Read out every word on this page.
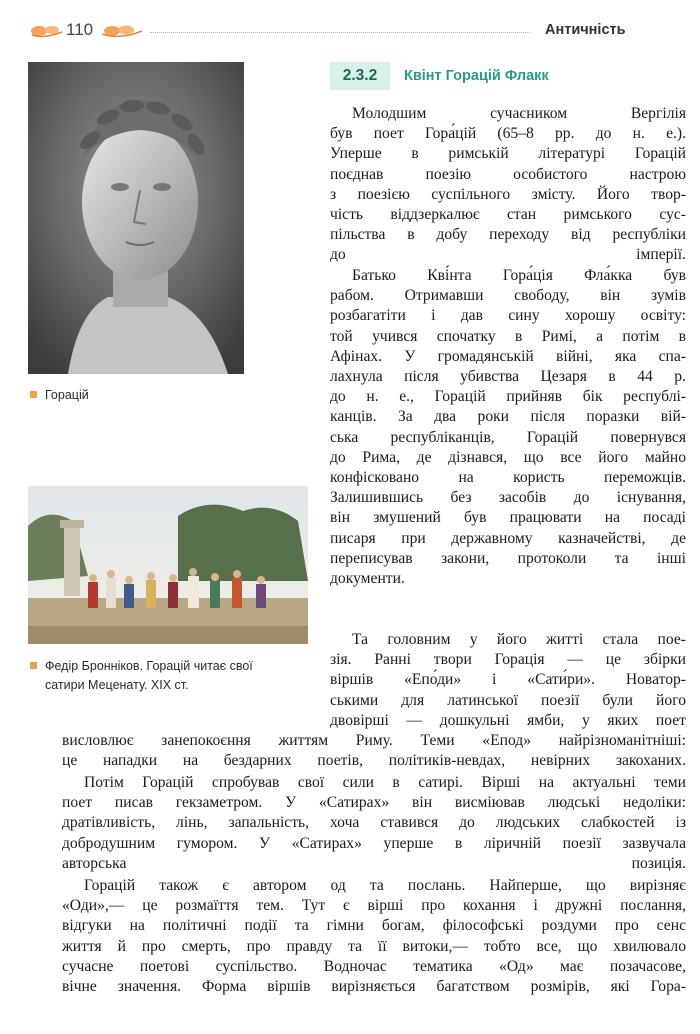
110	Античність
Горацій
Федір Бронніков. Горацій читає свої
сатири Меценату. XIX ст.
2.3.2	Квінт Горацій Флакк
Молодшим сучасником Вергілія
був поет Гора́цій (65–8 рр. до н. е.).
Уперше в римській літературі Горацій
поєднав поезію особистого настрою
з поезією суспільного змісту. Його твор-
чість віддзеркалює стан римського сус-
пільства в добу переходу від республіки
до імперії.
Батько Кві́нта Гора́ція Фла́кка був
рабом. Отримавши свободу, він зумів
розбагатіти і дав сину хорошу освіту:
той учився спочатку в Римі, а потім в
Афінах. У громадянській війні, яка спа-
лахнула після убивства Цезаря в 44 р.
до н. е., Горацій прийняв бік республі-
канців. За два роки після поразки вій-
ська республіканців, Горацій повернувся
до Рима, де дізнався, що все його майно
конфісковано на користь переможців.
Залишившись без засобів до існування,
він змушений був працювати на посаді
писаря при державному казначействі, де
переписував закони, протоколи та інші
документи.
Та головним у його житті стала пое-
зія. Ранні твори Горація — це збірки
віршів «Епо́ди» і «Сати́ри». Новатор-
ськими для латинської поезії були його
двовірші — дошкульні ямби, у яких поет
висловлює занепокоєння життям Риму. Теми «Епод» найрізноманітніші:
це нападки на бездарних поетів, політиків-невдах, невірних закоханих.
Потім Горацій спробував свої сили в сатирі. Вірші на актуальні теми
поет писав гекзаметром. У «Сатирах» він висміював людські недоліки:
дратівливість, лінь, запальність, хоча ставився до людських слабкостей із
добродушним гумором. У «Сатирах» уперше в ліричній поезії зазвучала
авторська позиція.
Горацій також є автором од та послань. Найперше, що вирізняє
«Оди»,— це розмаїття тем. Тут є вірші про кохання і дружні послання,
відгуки на політичні події та гімни богам, філософські роздуми про сенс
життя й про смерть, про правду та її витоки,— тобто все, що хвилювало
сучасне поетові суспільство. Водночас тематика «Од» має позачасове,
вічне значення. Форма віршів вирізняється багатством розмірів, які Гора-
